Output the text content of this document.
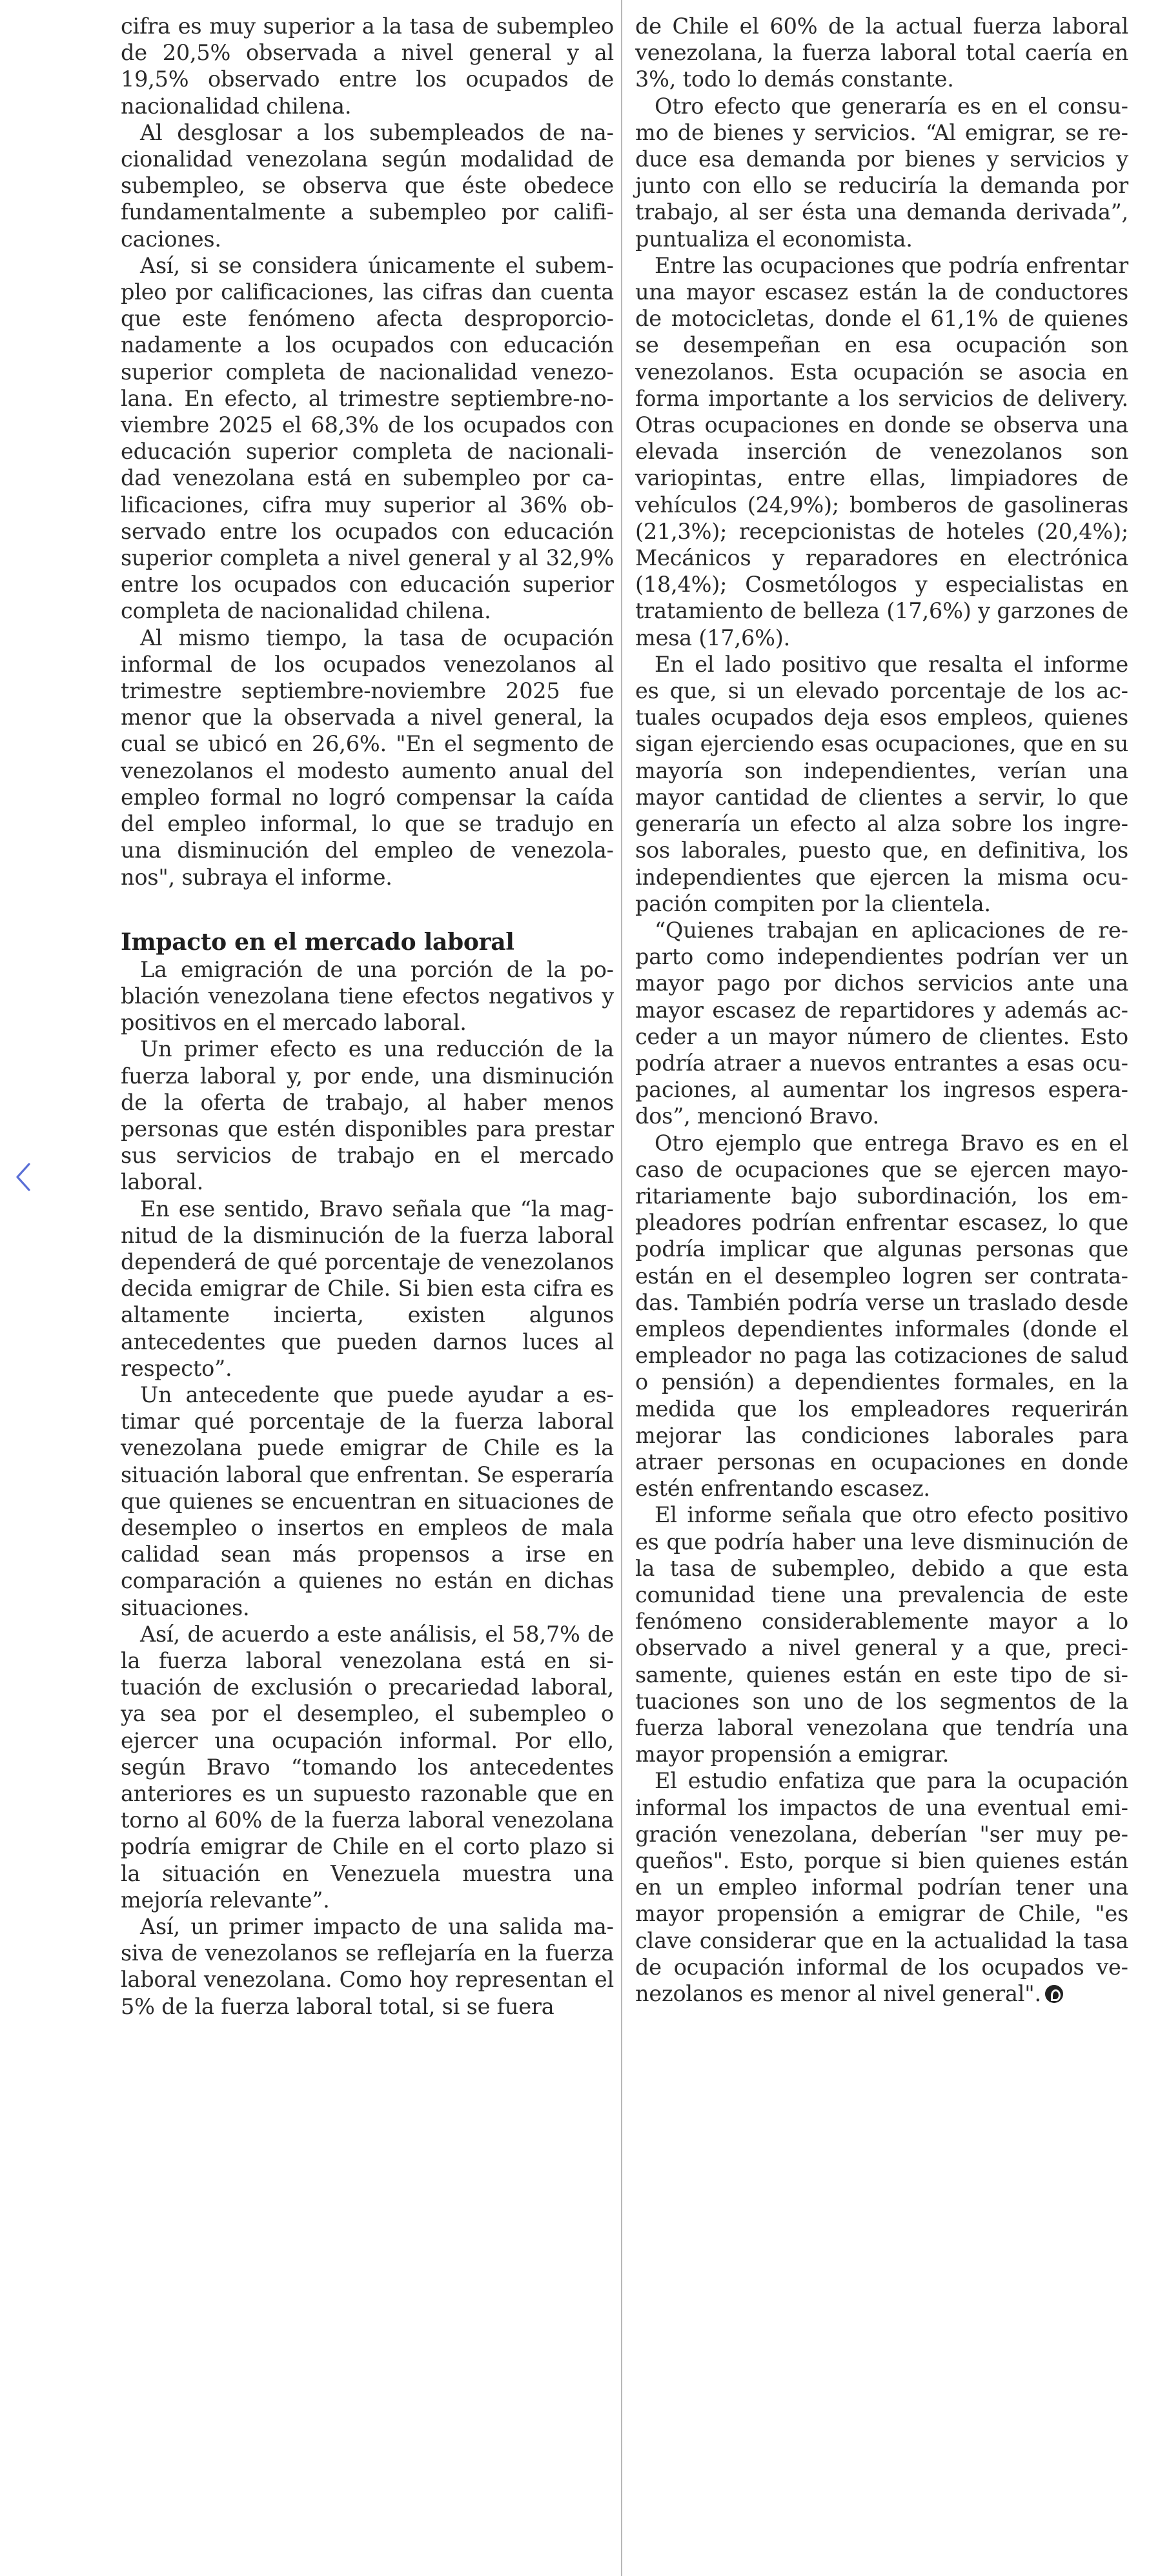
cifra es muy superior a la tasa de subempleo de 20,5% observada a nivel general y al 19,5% observado entre los ocupados de nacionalidad chilena.

Al desglosar a los subempleados de nacionalidad venezolana según modalidad de subempleo, se observa que éste obedece fundamentalmente a subempleo por calificaciones.

Así, si se considera únicamente el subempleo por calificaciones, las cifras dan cuenta que este fenómeno afecta desproporcionadamente a los ocupados con educación superior completa de nacionalidad venezolana. En efecto, al trimestre septiembre-noviembre 2025 el 68,3% de los ocupados con educación superior completa de nacionalidad venezolana está en subempleo por calificaciones, cifra muy superior al 36% observado entre los ocupados con educación superior completa a nivel general y al 32,9% entre los ocupados con educación superior completa de nacionalidad chilena.

Al mismo tiempo, la tasa de ocupación informal de los ocupados venezolanos al trimestre septiembre-noviembre 2025 fue menor que la observada a nivel general, la cual se ubicó en 26,6%. "En el segmento de venezolanos el modesto aumento anual del empleo formal no logró compensar la caída del empleo informal, lo que se tradujo en una disminución del empleo de venezolanos", subraya el informe.

Impacto en el mercado laboral

La emigración de una porción de la población venezolana tiene efectos negativos y positivos en el mercado laboral.

Un primer efecto es una reducción de la fuerza laboral y, por ende, una disminución de la oferta de trabajo, al haber menos personas que estén disponibles para prestar sus servicios de trabajo en el mercado laboral.

En ese sentido, Bravo señala que “la magnitud de la disminución de la fuerza laboral dependerá de qué porcentaje de venezolanos decida emigrar de Chile. Si bien esta cifra es altamente incierta, existen algunos antecedentes que pueden darnos luces al respecto”.

Un antecedente que puede ayudar a estimar qué porcentaje de la fuerza laboral venezolana puede emigrar de Chile es la situación laboral que enfrentan. Se esperaría que quienes se encuentran en situaciones de desempleo o insertos en empleos de mala calidad sean más propensos a irse en comparación a quienes no están en dichas situaciones.

Así, de acuerdo a este análisis, el 58,7% de la fuerza laboral venezolana está en situación de exclusión o precariedad laboral, ya sea por el desempleo, el subempleo o ejercer una ocupación informal. Por ello, según Bravo “tomando los antecedentes anteriores es un supuesto razonable que en torno al 60% de la fuerza laboral venezolana podría emigrar de Chile en el corto plazo si la situación en Venezuela muestra una mejoría relevante”.

Así, un primer impacto de una salida masiva de venezolanos se reflejaría en la fuerza laboral venezolana. Como hoy representan el 5% de la fuerza laboral total, si se fuera

de Chile el 60% de la actual fuerza laboral venezolana, la fuerza laboral total caería en 3%, todo lo demás constante.

Otro efecto que generaría es en el consumo de bienes y servicios. “Al emigrar, se reduce esa demanda por bienes y servicios y junto con ello se reduciría la demanda por trabajo, al ser ésta una demanda derivada”, puntualiza el economista.

Entre las ocupaciones que podría enfrentar una mayor escasez están la de conductores de motocicletas, donde el 61,1% de quienes se desempeñan en esa ocupación son venezolanos. Esta ocupación se asocia en forma importante a los servicios de delivery. Otras ocupaciones en donde se observa una elevada inserción de venezolanos son variopintas, entre ellas, limpiadores de vehículos (24,9%); bomberos de gasolineras (21,3%); recepcionistas de hoteles (20,4%); Mecánicos y reparadores en electrónica (18,4%); Cosmetólogos y especialistas en tratamiento de belleza (17,6%) y garzones de mesa (17,6%).

En el lado positivo que resalta el informe es que, si un elevado porcentaje de los actuales ocupados deja esos empleos, quienes sigan ejerciendo esas ocupaciones, que en su mayoría son independientes, verían una mayor cantidad de clientes a servir, lo que generaría un efecto al alza sobre los ingresos laborales, puesto que, en definitiva, los independientes que ejercen la misma ocupación compiten por la clientela.

“Quienes trabajan en aplicaciones de reparto como independientes podrían ver un mayor pago por dichos servicios ante una mayor escasez de repartidores y además acceder a un mayor número de clientes. Esto podría atraer a nuevos entrantes a esas ocupaciones, al aumentar los ingresos esperados”, mencionó Bravo.

Otro ejemplo que entrega Bravo es en el caso de ocupaciones que se ejercen mayoritariamente bajo subordinación, los empleadores podrían enfrentar escasez, lo que podría implicar que algunas personas que están en el desempleo logren ser contratadas. También podría verse un traslado desde empleos dependientes informales (donde el empleador no paga las cotizaciones de salud o pensión) a dependientes formales, en la medida que los empleadores requerirán mejorar las condiciones laborales para atraer personas en ocupaciones en donde estén enfrentando escasez.

El informe señala que otro efecto positivo es que podría haber una leve disminución de la tasa de subempleo, debido a que esta comunidad tiene una prevalencia de este fenómeno considerablemente mayor a lo observado a nivel general y a que, precisamente, quienes están en este tipo de situaciones son uno de los segmentos de la fuerza laboral venezolana que tendría una mayor propensión a emigrar.

El estudio enfatiza que para la ocupación informal los impactos de una eventual emigración venezolana, deberían "ser muy pequeños". Esto, porque si bien quienes están en un empleo informal podrían tener una mayor propensión a emigrar de Chile, "es clave considerar que en la actualidad la tasa de ocupación informal de los ocupados venezolanos es menor al nivel general".
